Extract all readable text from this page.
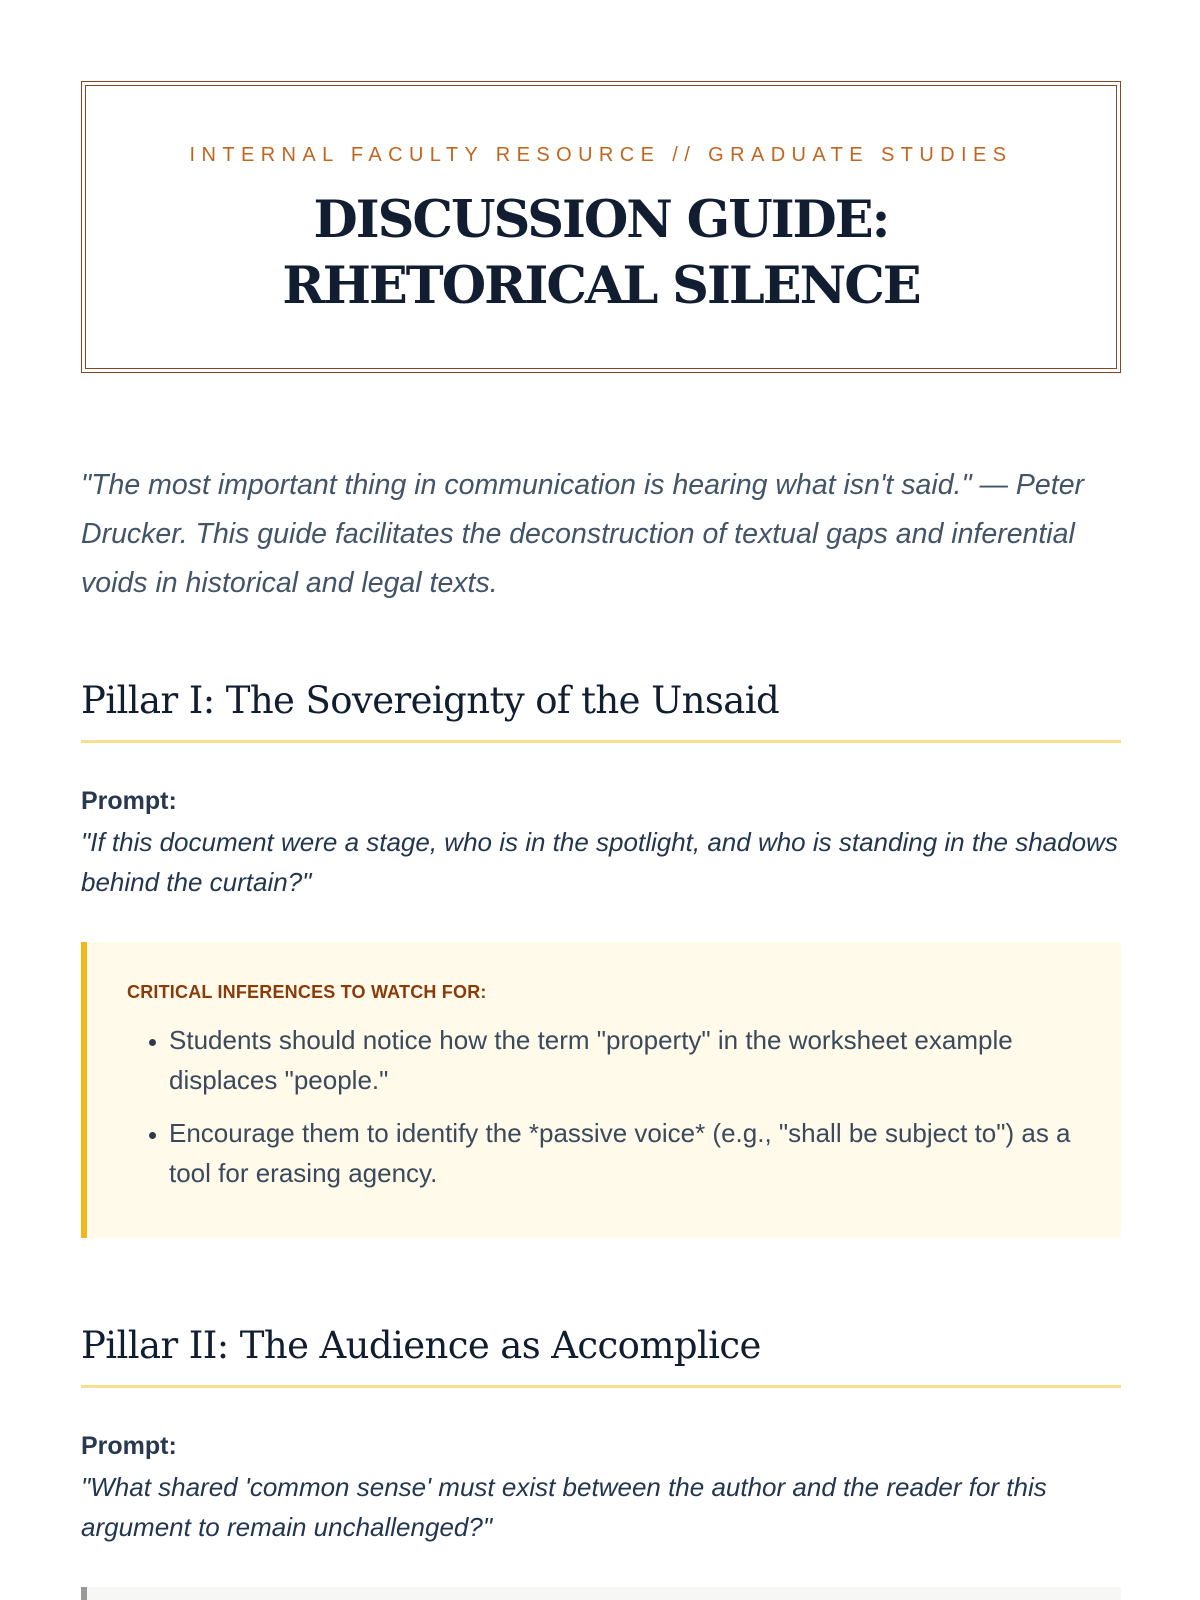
INTERNAL FACULTY RESOURCE // GRADUATE STUDIES
DISCUSSION GUIDE:
RHETORICAL SILENCE
"The most important thing in communication is hearing what isn't said." — Peter Drucker. This guide facilitates the deconstruction of textual gaps and inferential voids in historical and legal texts.
Pillar I: The Sovereignty of the Unsaid
Prompt:
"If this document were a stage, who is in the spotlight, and who is standing in the shadows behind the curtain?"
CRITICAL INFERENCES TO WATCH FOR:
• Students should notice how the term "property" in the worksheet example displaces "people."
• Encourage them to identify the *passive voice* (e.g., "shall be subject to") as a tool for erasing agency.
Pillar II: The Audience as Accomplice
Prompt:
"What shared 'common sense' must exist between the author and the reader for this argument to remain unchallenged?"
